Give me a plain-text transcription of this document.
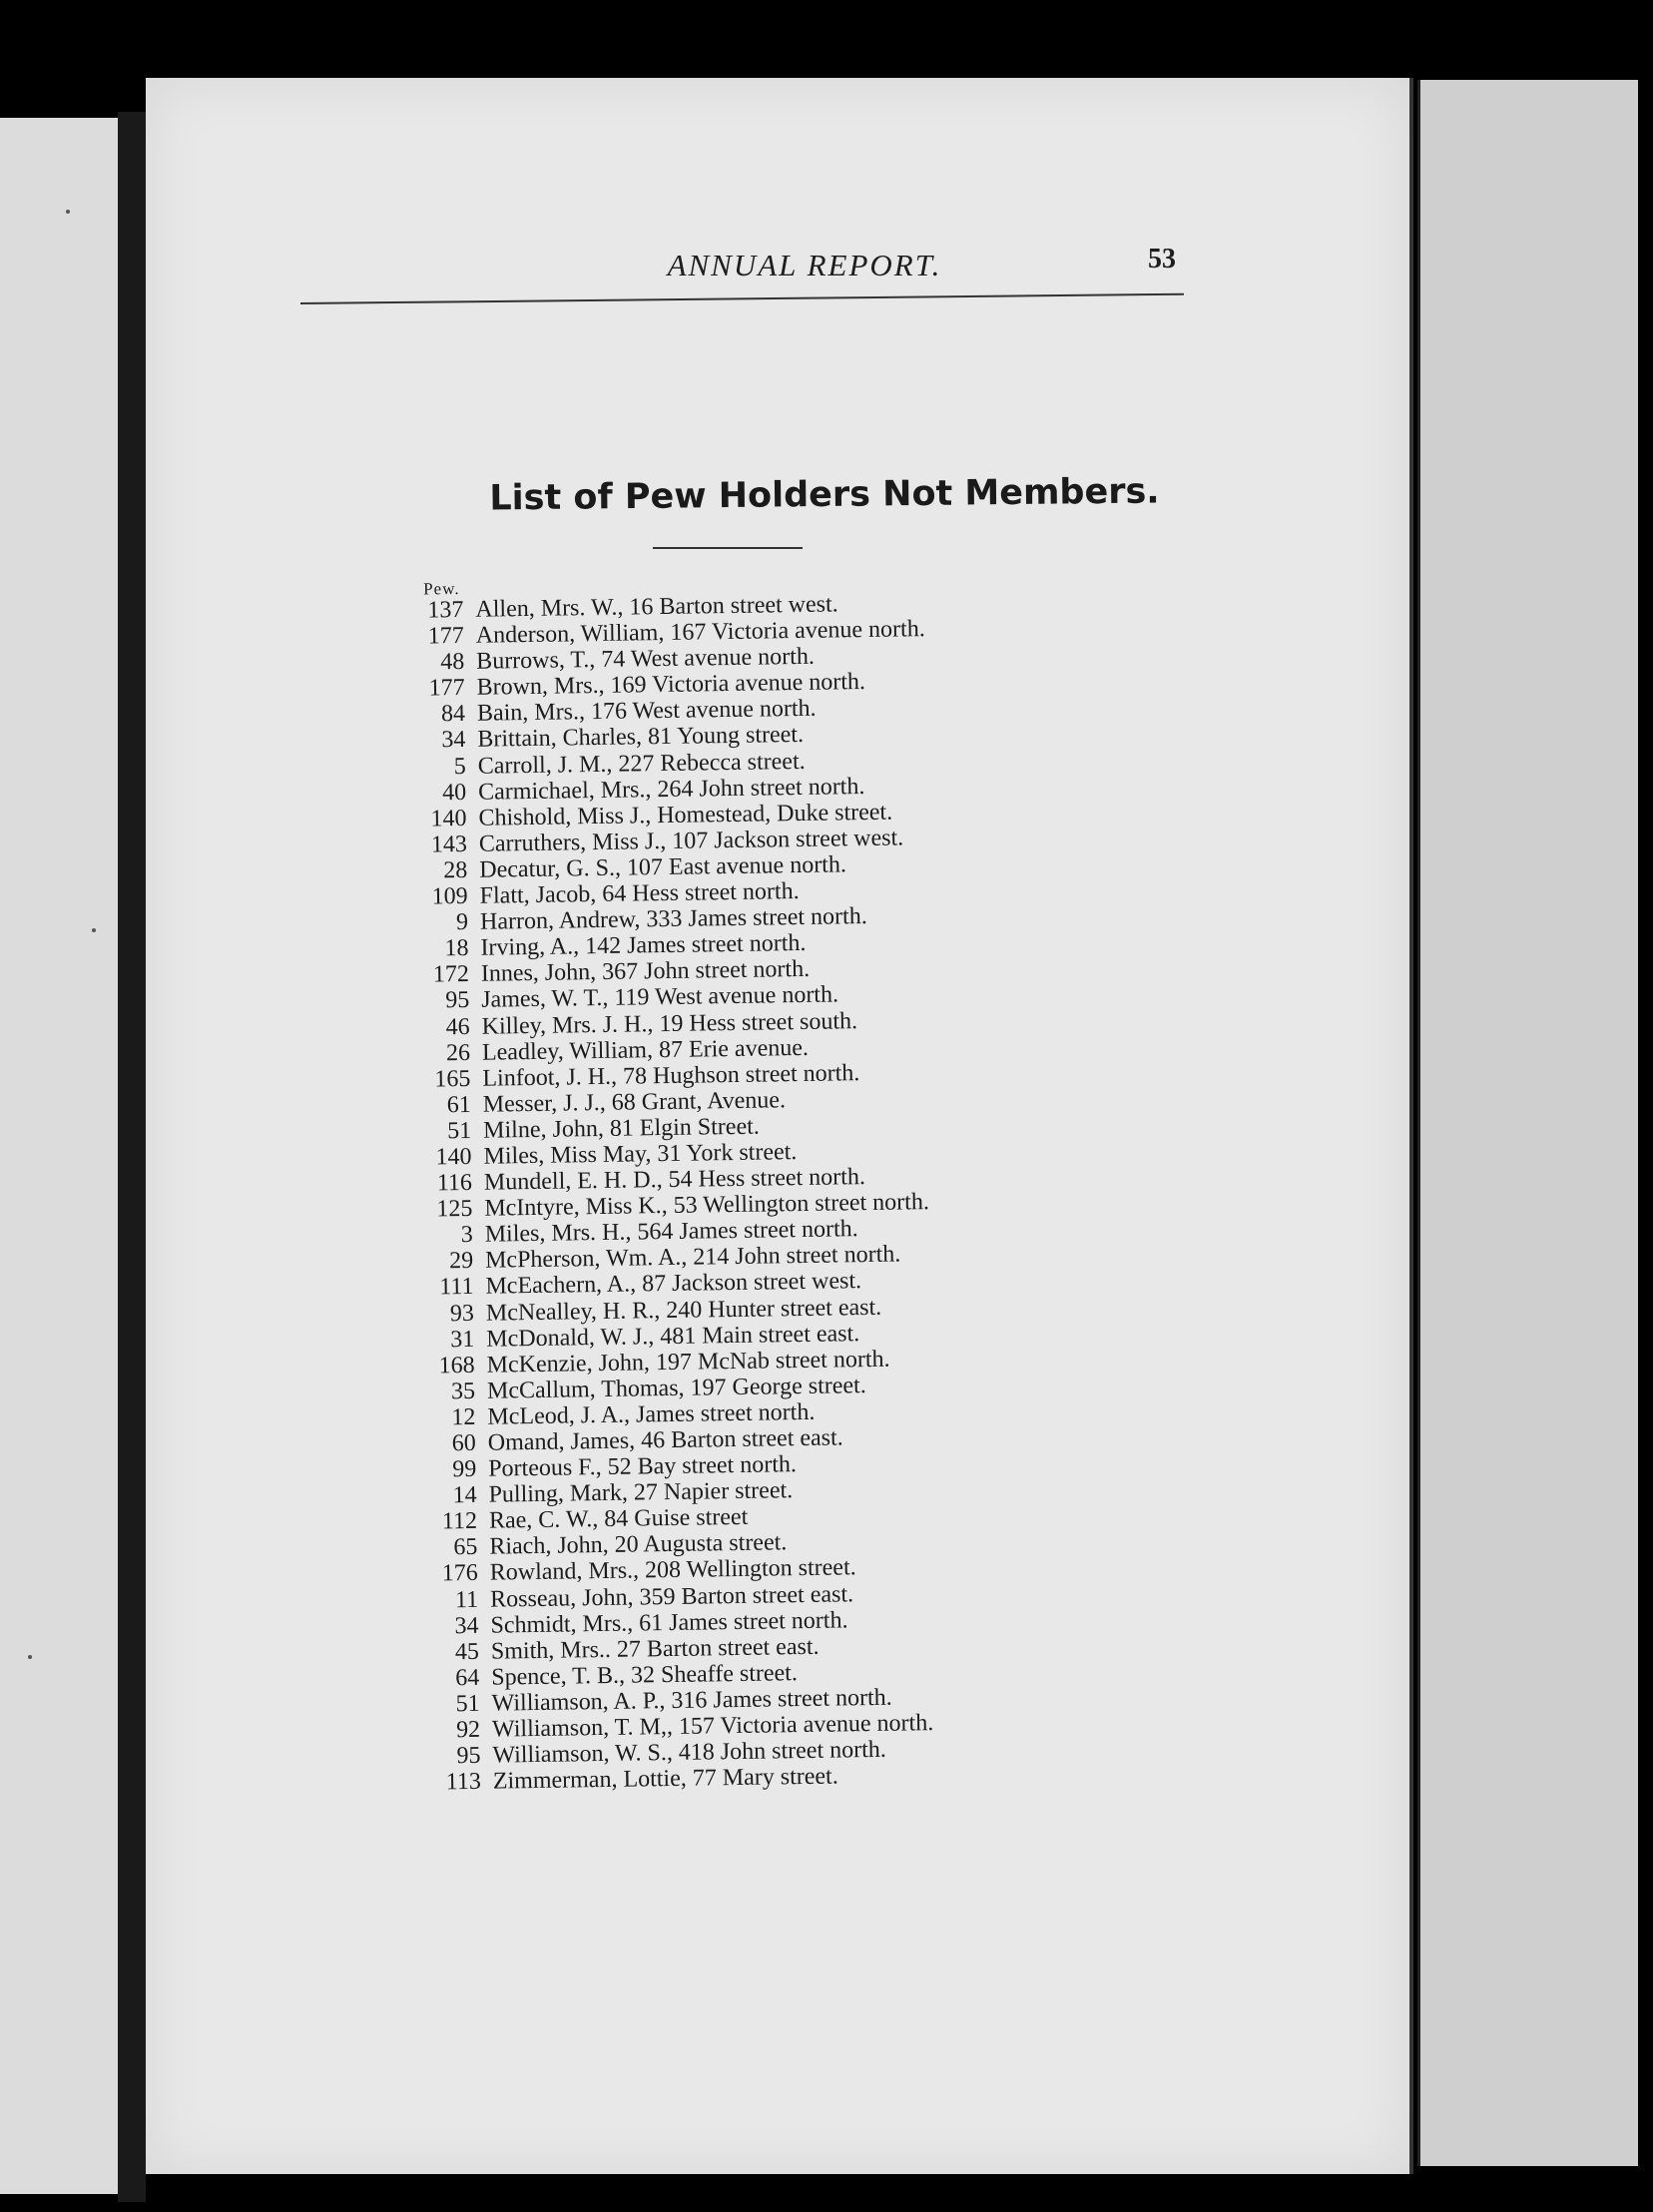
ANNUAL REPORT.	53
List of Pew Holders Not Members.
Pew.
137 Allen, Mrs. W., 16 Barton street west.
177 Anderson, William, 167 Victoria avenue north.
48 Burrows, T., 74 West avenue north.
177 Brown, Mrs., 169 Victoria avenue north.
84 Bain, Mrs., 176 West avenue north.
34 Brittain, Charles, 81 Young street.
5 Carroll, J. M., 227 Rebecca street.
40 Carmichael, Mrs., 264 John street north.
140 Chishold, Miss J., Homestead, Duke street.
143 Carruthers, Miss J., 107 Jackson street west.
28 Decatur, G. S., 107 East avenue north.
109 Flatt, Jacob, 64 Hess street north.
9 Harron, Andrew, 333 James street north.
18 Irving, A., 142 James street north.
172 Innes, John, 367 John street north.
95 James, W. T., 119 West avenue north.
46 Killey, Mrs. J. H., 19 Hess street south.
26 Leadley, William, 87 Erie avenue.
165 Linfoot, J. H., 78 Hughson street north.
61 Messer, J. J., 68 Grant, Avenue.
51 Milne, John, 81 Elgin Street.
140 Miles, Miss May, 31 York street.
116 Mundell, E. H. D., 54 Hess street north.
125 McIntyre, Miss K., 53 Wellington street north.
3 Miles, Mrs. H., 564 James street north.
29 McPherson, Wm. A., 214 John street north.
111 McEachern, A., 87 Jackson street west.
93 McNealley, H. R., 240 Hunter street east.
31 McDonald, W. J., 481 Main street east.
168 McKenzie, John, 197 McNab street north.
35 McCallum, Thomas, 197 George street.
12 McLeod, J. A., James street north.
60 Omand, James, 46 Barton street east.
99 Porteous F., 52 Bay street north.
14 Pulling, Mark, 27 Napier street.
112 Rae, C. W., 84 Guise street
65 Riach, John, 20 Augusta street.
176 Rowland, Mrs., 208 Wellington street.
11 Rosseau, John, 359 Barton street east.
34 Schmidt, Mrs., 61 James street north.
45 Smith, Mrs.. 27 Barton street east.
64 Spence, T. B., 32 Sheaffe street.
51 Williamson, A. P., 316 James street north.
92 Williamson, T. M,, 157 Victoria avenue north.
95 Williamson, W. S., 418 John street north.
113 Zimmerman, Lottie, 77 Mary street.
